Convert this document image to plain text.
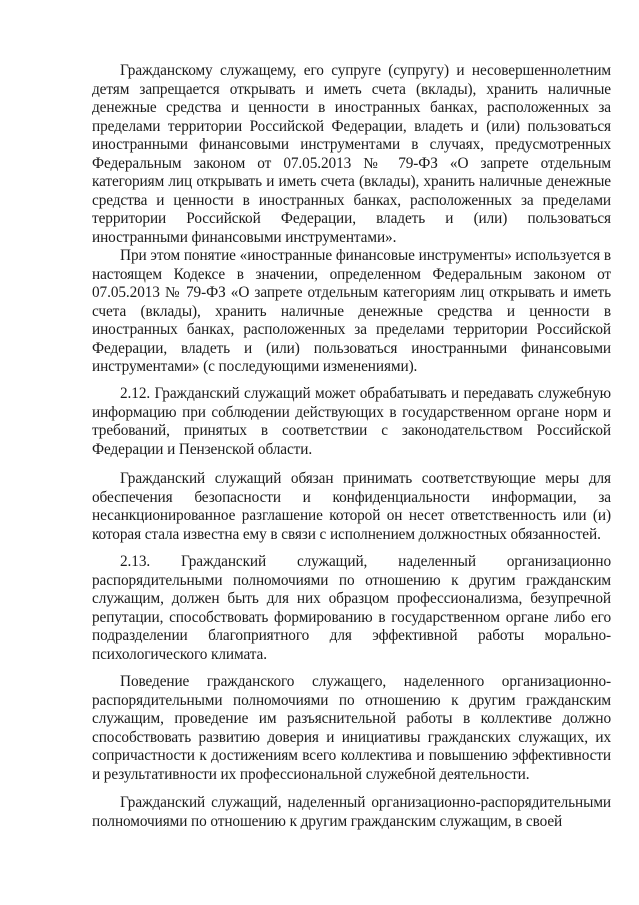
Гражданскому служащему, его супруге (супругу) и несовершеннолетним детям запрещается открывать и иметь счета (вклады), хранить наличные денежные средства и ценности в иностранных банках, расположенных за пределами территории Российской Федерации, владеть и (или) пользоваться иностранными финансовыми инструментами в случаях, предусмотренных Федеральным законом от 07.05.2013 № 79-ФЗ «О запрете отдельным категориям лиц открывать и иметь счета (вклады), хранить наличные денежные средства и ценности в иностранных банках, расположенных за пределами территории Российской Федерации, владеть и (или) пользоваться иностранными финансовыми инструментами».

При этом понятие «иностранные финансовые инструменты» используется в настоящем Кодексе в значении, определенном Федеральным законом от 07.05.2013 № 79-ФЗ «О запрете отдельным категориям лиц открывать и иметь счета (вклады), хранить наличные денежные средства и ценности в иностранных банках, расположенных за пределами территории Российской Федерации, владеть и (или) пользоваться иностранными финансовыми инструментами» (с последующими изменениями).

2.12. Гражданский служащий может обрабатывать и передавать служебную информацию при соблюдении действующих в государственном органе норм и требований, принятых в соответствии с законодательством Российской Федерации и Пензенской области.

Гражданский служащий обязан принимать соответствующие меры для обеспечения безопасности и конфиденциальности информации, за несанкционированное разглашение которой он несет ответственность или (и) которая стала известна ему в связи с исполнением должностных обязанностей.

2.13. Гражданский служащий, наделенный организационно распорядительными полномочиями по отношению к другим гражданским служащим, должен быть для них образцом профессионализма, безупречной репутации, способствовать формированию в государственном органе либо его подразделении благоприятного для эффективной работы морально-психологического климата.

Поведение гражданского служащего, наделенного организационно-распорядительными полномочиями по отношению к другим гражданским служащим, проведение им разъяснительной работы в коллективе должно способствовать развитию доверия и инициативы гражданских служащих, их сопричастности к достижениям всего коллектива и повышению эффективности и результативности их профессиональной служебной деятельности.

Гражданский служащий, наделенный организационно-распорядительными полномочиями по отношению к другим гражданским служащим, в своей
